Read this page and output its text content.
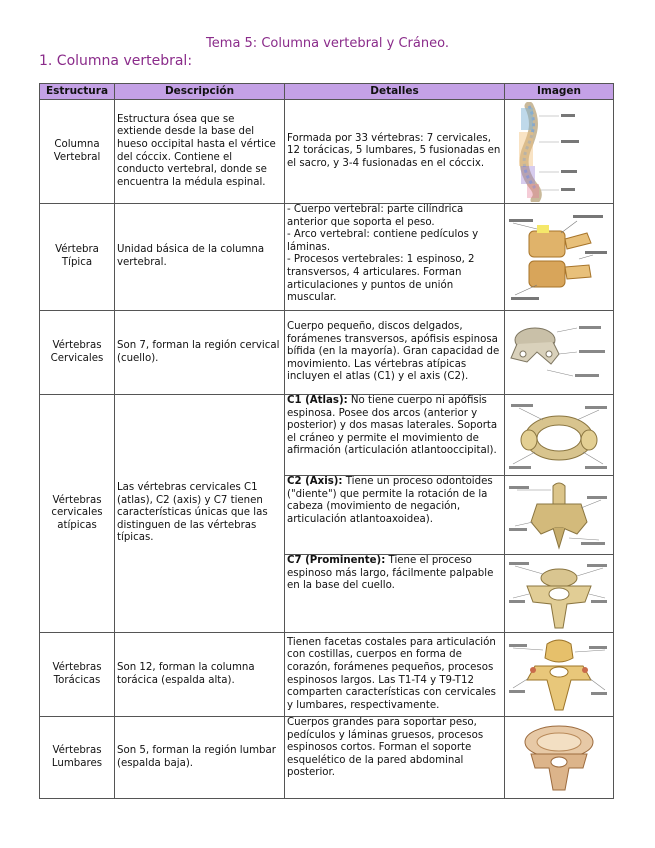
Tema 5: Columna vertebral y Cráneo.
1. Columna vertebral:
Estructura	Descripción	Detalles	Imagen
Columna Vertebral	Estructura ósea que se extiende desde la base del hueso occipital hasta el vértice del cóccix. Contiene el conducto vertebral, donde se encuentra la médula espinal.	Formada por 33 vértebras: 7 cervicales, 12 torácicas, 5 lumbares, 5 fusionadas en el sacro, y 3-4 fusionadas en el cóccix.	

Vértebra Típica	Unidad básica de la columna vertebral.	- Cuerpo vertebral: parte cilíndrica anterior que soporta el peso.
- Arco vertebral: contiene pedículos y láminas.
- Procesos vertebrales: 1 espinoso, 2 transversos, 4 articulares. Forman articulaciones y puntos de unión muscular.

Vértebras Cervicales	Son 7, forman la región cervical (cuello).	Cuerpo pequeño, discos delgados, forámenes transversos, apófisis espinosa bífida (en la mayoría). Gran capacidad de movimiento. Las vértebras atípicas incluyen el atlas (C1) y el axis (C2).	

Vértebras cervicales atípicas	Las vértebras cervicales C1 (atlas), C2 (axis) y C7 tienen características únicas que las distinguen de las vértebras típicas.	C1 (Atlas): No tiene cuerpo ni apófisis espinosa. Posee dos arcos (anterior y posterior) y dos masas laterales. Soporta el cráneo y permite el movimiento de afirmación (articulación atlantooccipital).	

		C2 (Axis): Tiene un proceso odontoides ("diente") que permite la rotación de la cabeza (movimiento de negación, articulación atlantoaxoidea).	

		C7 (Prominente): Tiene el proceso espinoso más largo, fácilmente palpable en la base del cuello.	

Vértebras Torácicas	Son 12, forman la columna torácica (espalda alta).	Tienen facetas costales para articulación con costillas, cuerpos en forma de corazón, forámenes pequeños, procesos espinosos largos. Las T1-T4 y T9-T12 comparten características con cervicales y lumbares, respectivamente.	

Vértebras Lumbares	Son 5, forman la región lumbar (espalda baja).	Cuerpos grandes para soportar peso, pedículos y láminas gruesos, procesos espinosos cortos. Forman el soporte esquelético de la pared abdominal posterior.	
